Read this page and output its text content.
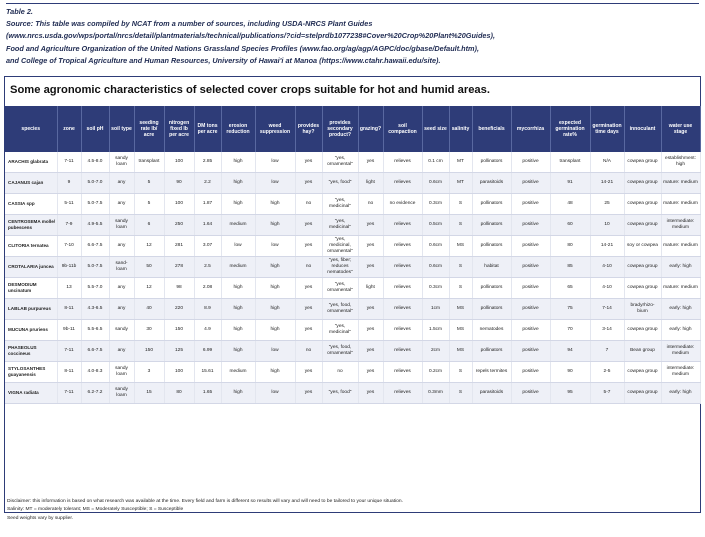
Table 2.
Source: This table was compiled by NCAT from a number of sources, including USDA-NRCS Plant Guides
(www.nrcs.usda.gov/wps/portal/nrcs/detail/plantmaterials/technical/publications/?cid=stelprdb1077238#Cover%20Crop%20Plant%20Guides),
Food and Agriculture Organization of the United Nations Grassland Species Profiles (www.fao.org/ag/agp/AGPC/doc/gbase/Default.htm),
and College of Tropical Agriculture and Human Resources, University of Hawai'i at Manoa (https://www.ctahr.hawaii.edu/site).
Some agronomic characteristics of selected cover crops suitable for hot and humid areas.
species	zone	soil pH	soil type	seeding rate lb/ acre	nitrogen fixed lb per acre	DM tons per acre	erosion reduction	weed suppression	provides hay?	provides secondary product?	grazing?	soil compaction	seed size	salinity	beneficials	mycorrhiza	expected germination rate%	germination time days	innoculant	water use stage
ARACHIS glabrata	7-11	4.5-8.0	sandy loam	transplant	100	2.85	high	low	yes	"yes, ornamental"	yes	relieves	0.1 cm	MT	pollinators	positive	transplant	N/A	cowpea group	establishment: high
CAJANUS cajan	9	5.0-7.0	any	5	90	2.2	high	low	yes	"yes, food"	light	relieves	0.6cm	MT	parasitoids	positive	91	14-21	cowpea group	mature: medium
CASSIA spp	5-11	5.0-7.5	any	5	100	1.87	high	high	no	"yes, medicinal"	no	no evidence	0.3cm	S	pollinators	positive	48	25	cowpea group	mature: medium
CENTROSEMA molle/ pubescens	7-9	4.9-5.5	sandy loam	6	250	1.64	medium	high	yes	"yes, medicinal"	yes	relieves	0.5cm	S	pollinators	positive	60	10	cowpea group	intermediate: medium
CLITORIA ternatea	7-10	6.6-7.5	any	12	281	3.07	low	low	yes	"yes, medicinal, ornamental"	yes	relieves	0.6cm	MS	pollinators	positive	80	14-21	soy or cowpea	mature: medium
CROTALARIA juncea	9b-11b	5.0-7.5	sand-loam	50	278	2.5	medium	high	no	"yes, fiber; reduces nematodes"	yes	relieves	0.6cm	S	habitat	positive	85	4-10	cowpea group	early: high
DESMODIUM uncinatum	13	5.5-7.0	any	12	98	2.08	high	high	yes	"yes, ornamental"	light	relieves	0.3cm	S	pollinators	positive	65	4-10	cowpea group	mature: medium
LABLAB purpureus	8-11	4.3-6.5	any	40	220	8.9	high	high	yes	"yes, food, ornamental"	yes	relieves	1cm	MS	pollinators	positive	75	7-14	bradyrhizo-bium	early: high
MUCUNA pruriens	9b-11	5.5-6.5	sandy	30	150	4.9	high	high	yes	"yes, medicinal"	yes	relieves	1.5cm	MS	nematodes	positive	70	3-14	cowpea group	early: high
PHASEOLUS coccineus	7-11	6.6-7.5	any	150	125	6.99	high	low	no	"yes, food, ornamental"	yes	relieves	2cm	MS	pollinators	positive	94	7	Bean group	intermediate: medium
STYLOSANTHES guayanensis	8-11	4.0-8.3	sandy loam	3	100	15.61	medium	high	yes	no	yes	relieves	0.2cm	S	repels termites	positive	90	2-5	cowpea group	intermediate: medium
VIGNA radiata	7-11	6.2-7.2	sandy loam	15	80	1.65	high	low	yes	"yes, food"	yes	relieves	0.3mm	S	parasitoids	positive	95	5-7	cowpea group	early: high
Disclaimer: this information is based on what research was available at the time. Every field and farm is different so results will vary and will need to be tailored to your unique situation.
Salinity: MT = moderately tolerant; MS = Moderately Susceptible; S = Susceptible
Seed weights vary by supplier.
